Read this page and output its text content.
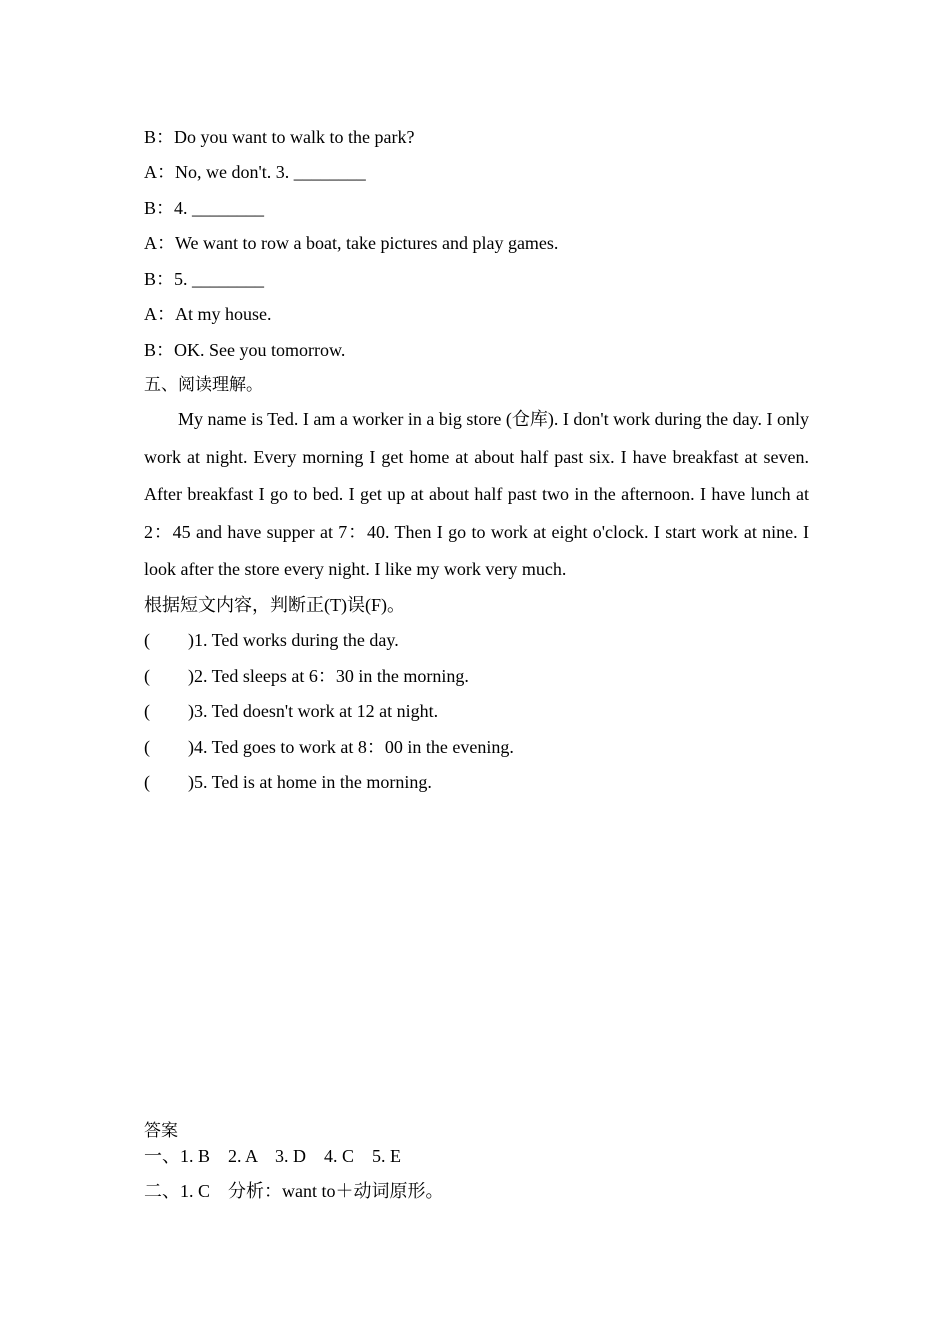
B：Do you want to walk to the park?
A：No, we don't. 3. ________
B：4. ________
A：We want to row a boat, take pictures and play games.
B：5. ________
A：At my house.
B：OK. See you tomorrow.
五、阅读理解。
My name is Ted. I am a worker in a big store (仓库). I don't work during the day. I only work at night. Every morning I get home at about half past six. I have breakfast at seven. After breakfast I go to bed. I get up at about half past two in the afternoon. I have lunch at 2：45 and have supper at 7：40. Then I go to work at eight o'clock. I start work at nine. I look after the store every night. I like my work very much.
根据短文内容，判断正(T)误(F)。
( )1. Ted works during the day.
( )2. Ted sleeps at 6：30 in the morning.
( )3. Ted doesn't work at 12 at night.
( )4. Ted goes to work at 8：00 in the evening.
( )5. Ted is at home in the morning.
答案
一、1. B　2. A　3. D　4. C　5. E
二、1. C　分析：want to＋动词原形。
